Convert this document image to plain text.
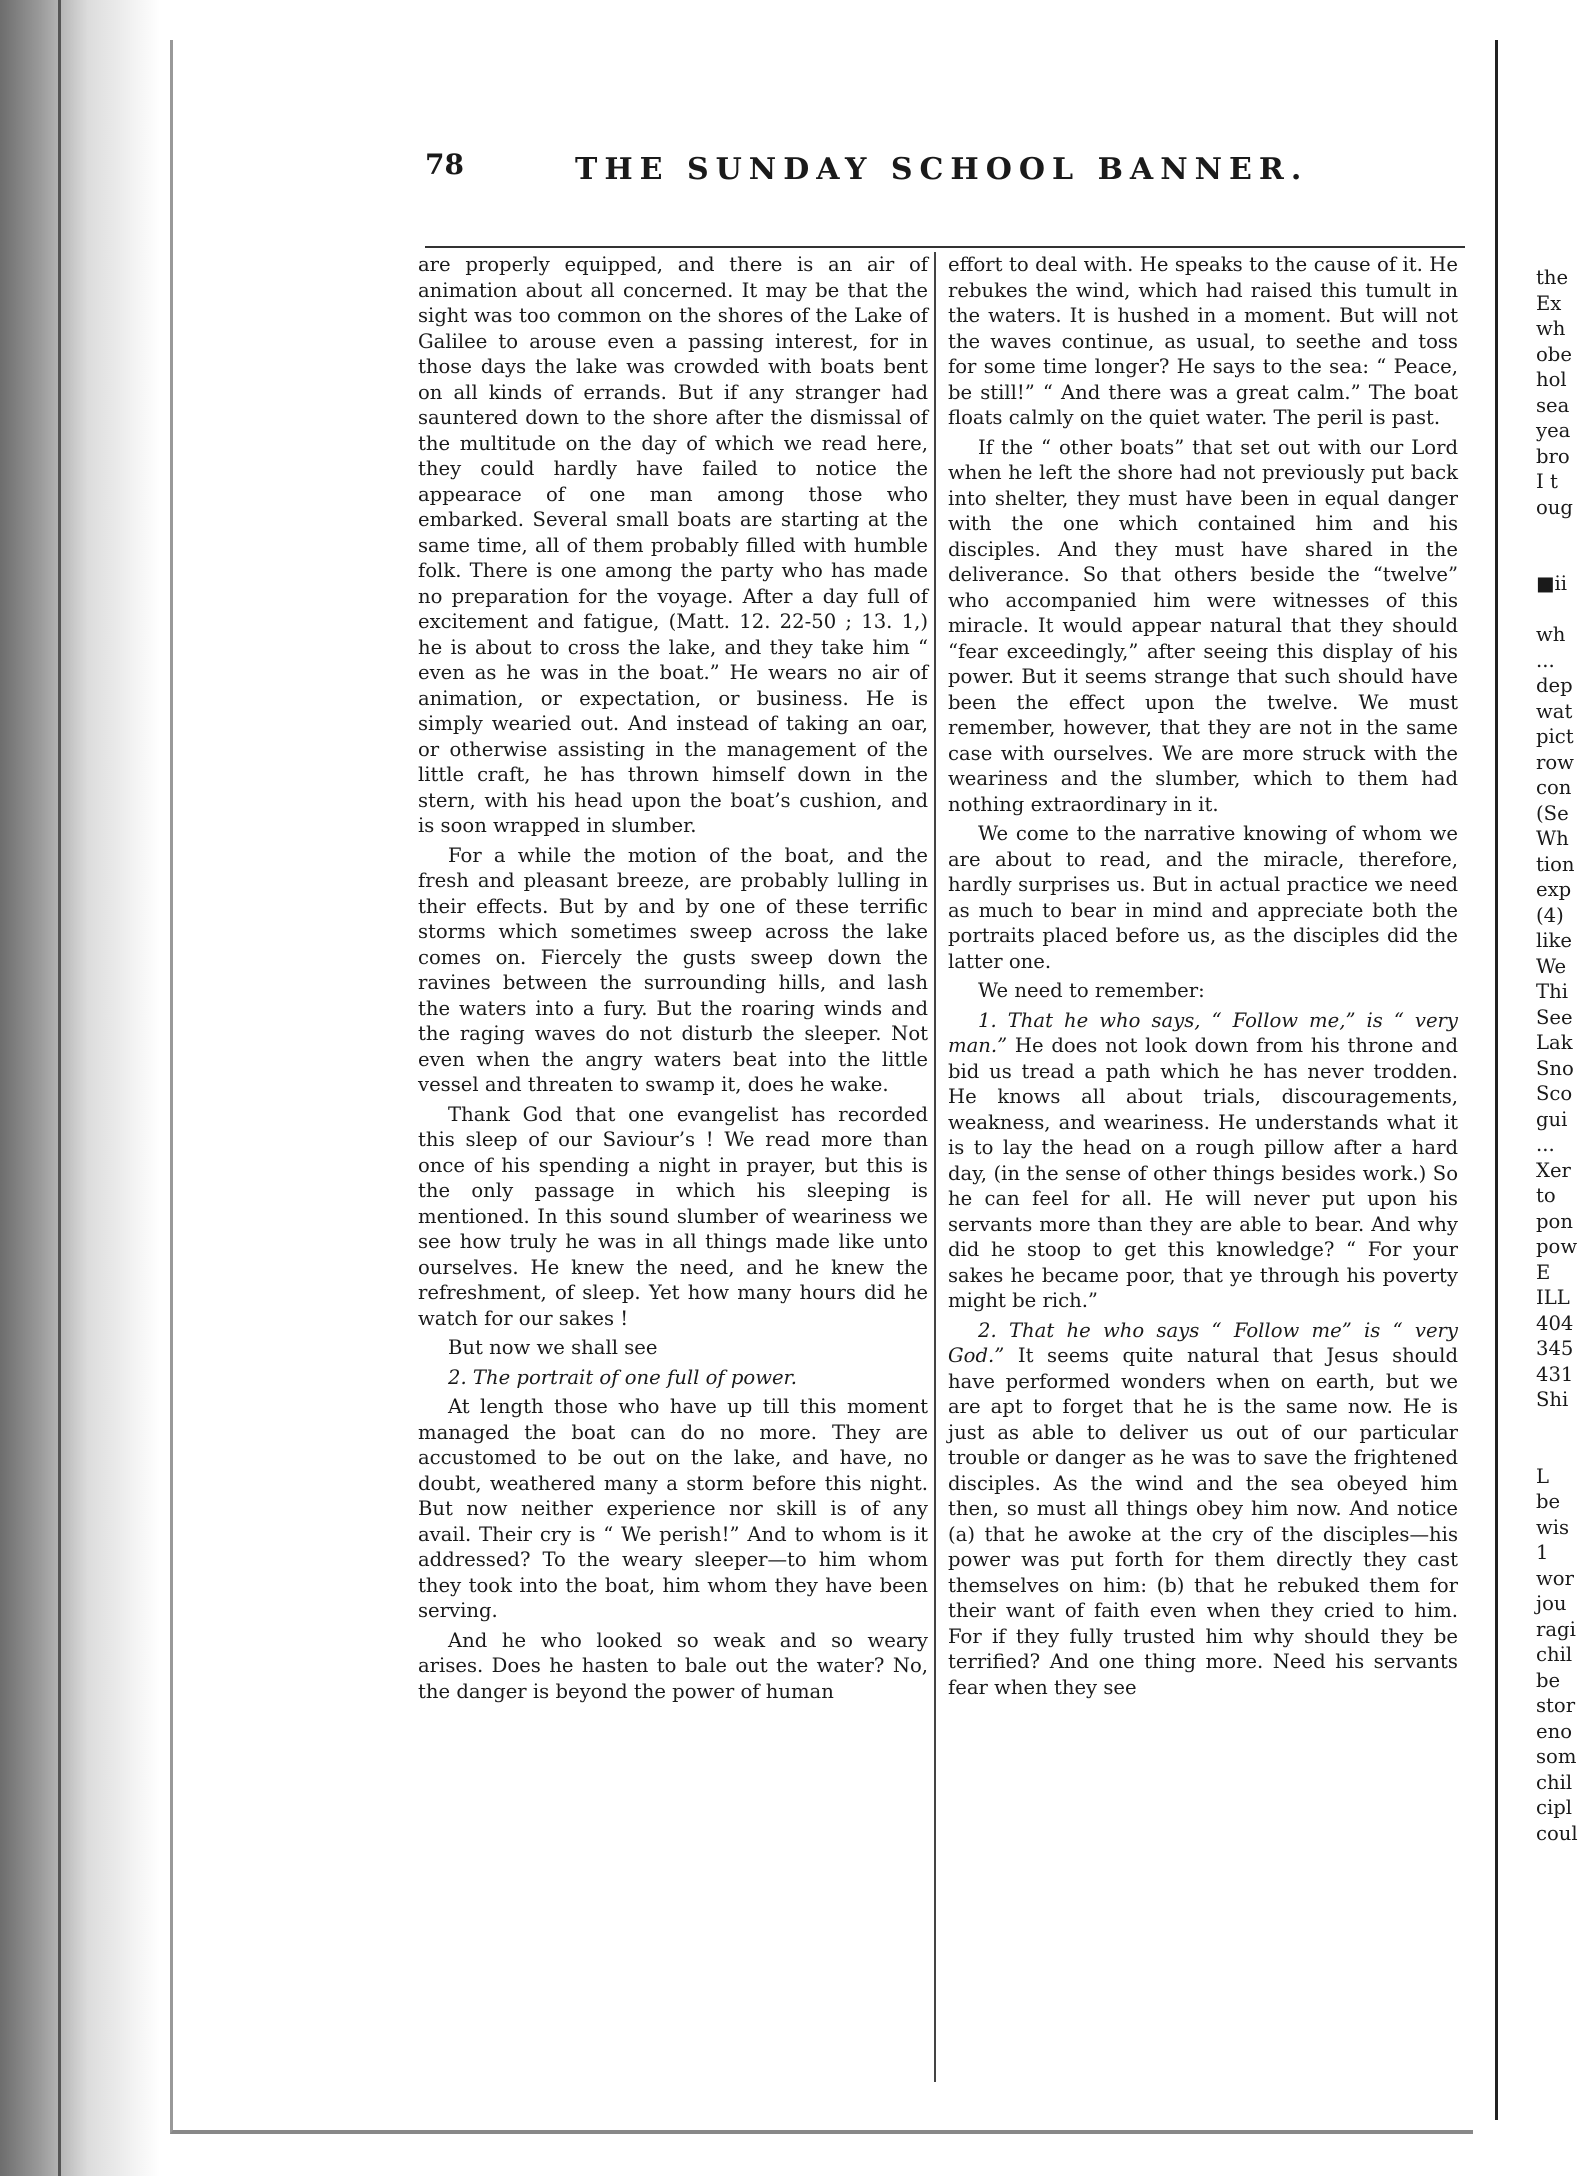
78	THE SUNDAY SCHOOL BANNER.

are properly equipped, and there is an air of animation about all concerned. It may be that the sight was too common on the shores of the Lake of Galilee to arouse even a passing interest, for in those days the lake was crowded with boats bent on all kinds of errands. But if any stranger had sauntered down to the shore after the dismissal of the multitude on the day of which we read here, they could hardly have failed to notice the appearace of one man among those who embarked. Several small boats are starting at the same time, all of them probably filled with humble folk. There is one among the party who has made no preparation for the voyage. After a day full of excitement and fatigue, (Matt. 12. 22-50 ; 13. 1,) he is about to cross the lake, and they take him “ even as he was in the boat.” He wears no air of animation, or expectation, or business. He is simply wearied out. And instead of taking an oar, or otherwise assisting in the management of the little craft, he has thrown himself down in the stern, with his head upon the boat’s cushion, and is soon wrapped in slumber.

For a while the motion of the boat, and the fresh and pleasant breeze, are probably lulling in their effects. But by and by one of these terrific storms which sometimes sweep across the lake comes on. Fiercely the gusts sweep down the ravines between the surrounding hills, and lash the waters into a fury. But the roaring winds and the raging waves do not disturb the sleeper. Not even when the angry waters beat into the little vessel and threaten to swamp it, does he wake.

Thank God that one evangelist has recorded this sleep of our Saviour’s ! We read more than once of his spending a night in prayer, but this is the only passage in which his sleeping is mentioned. In this sound slumber of weariness we see how truly he was in all things made like unto ourselves. He knew the need, and he knew the refreshment, of sleep. Yet how many hours did he watch for our sakes !

But now we shall see

2. The portrait of one full of power.

At length those who have up till this moment managed the boat can do no more. They are accustomed to be out on the lake, and have, no doubt, weathered many a storm before this night. But now neither experience nor skill is of any avail. Their cry is “ We perish!” And to whom is it addressed? To the weary sleeper—to him whom they took into the boat, him whom they have been serving.

And he who looked so weak and so weary arises. Does he hasten to bale out the water? No, the danger is beyond the power of human

effort to deal with. He speaks to the cause of it. He rebukes the wind, which had raised this tumult in the waters. It is hushed in a moment. But will not the waves continue, as usual, to seethe and toss for some time longer? He says to the sea: “ Peace, be still!” “ And there was a great calm.” The boat floats calmly on the quiet water. The peril is past.

If the “ other boats” that set out with our Lord when he left the shore had not previously put back into shelter, they must have been in equal danger with the one which contained him and his disciples. And they must have shared in the deliverance. So that others beside the “twelve” who accompanied him were witnesses of this miracle. It would appear natural that they should “fear exceedingly,” after seeing this display of his power. But it seems strange that such should have been the effect upon the twelve. We must remember, however, that they are not in the same case with ourselves. We are more struck with the weariness and the slumber, which to them had nothing extraordinary in it.

We come to the narrative knowing of whom we are about to read, and the miracle, therefore, hardly surprises us. But in actual practice we need as much to bear in mind and appreciate both the portraits placed before us, as the disciples did the latter one.

We need to remember:

1. That he who says, “ Follow me,” is “ very man.” He does not look down from his throne and bid us tread a path which he has never trodden. He knows all about trials, discouragements, weakness, and weariness. He understands what it is to lay the head on a rough pillow after a hard day, (in the sense of other things besides work.) So he can feel for all. He will never put upon his servants more than they are able to bear. And why did he stoop to get this knowledge? “ For your sakes he became poor, that ye through his poverty might be rich.”

2. That he who says “ Follow me” is “ very God.” It seems quite natural that Jesus should have performed wonders when on earth, but we are apt to forget that he is the same now. He is just as able to deliver us out of our particular trouble or danger as he was to save the frightened disciples. As the wind and the sea obeyed him then, so must all things obey him now. And notice (a) that he awoke at the cry of the disciples—his power was put forth for them directly they cast themselves on him: (b) that he rebuked them for their want of faith even when they cried to him. For if they fully trusted him why should they be terrified? And one thing more. Need his servants fear when they see

the
Ex
wh
obe
hol
sea
yea
bro
I t
oug
■ii
wh
...
dep
wat
pict
row
con
(Se
Wh
tion
exp
(4)
like
We
Thi
See
Lak
Sno
Sco
gui
...
Xer
to
pon
pow
E
ILL
404
345
431
Shi
L
be
wis
1
wor
jou
ragi
chil
be
stor
eno
som
chil
cipl
coul
